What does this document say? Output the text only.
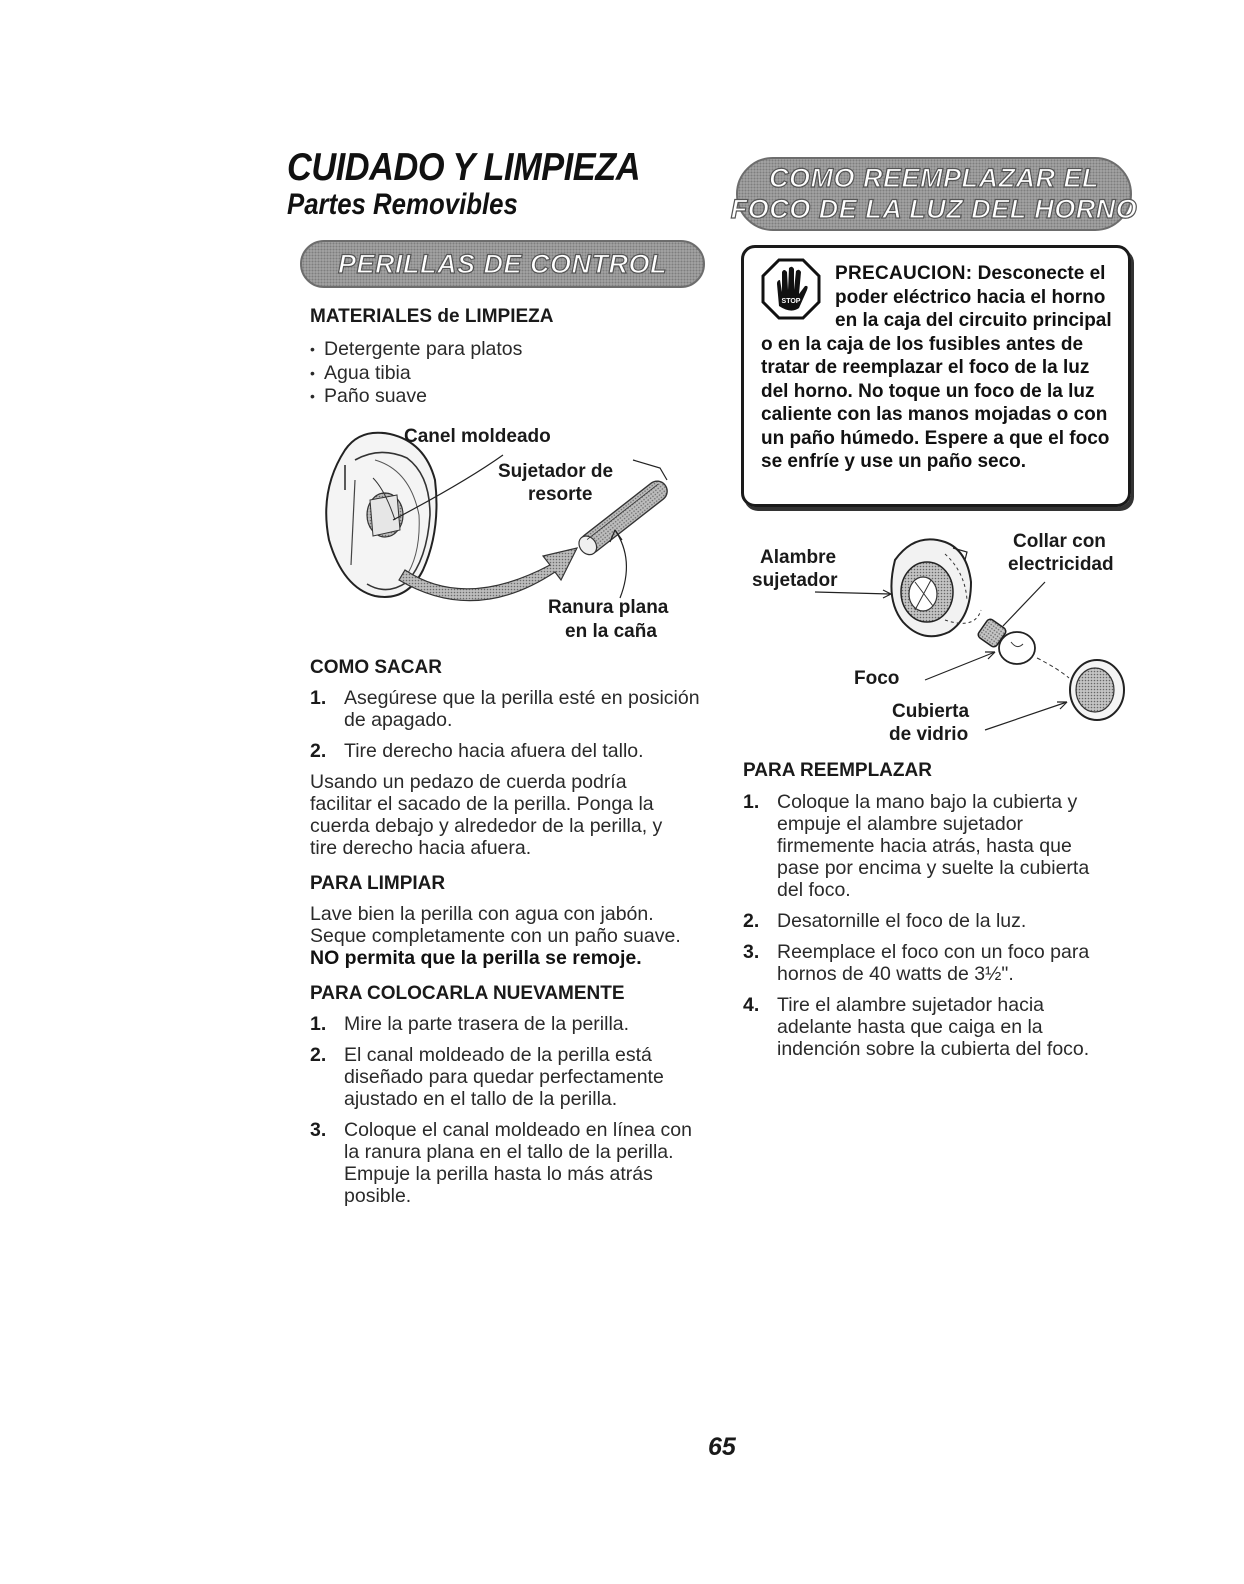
CUIDADO Y LIMPIEZA
Partes Removibles
PERILLAS DE CONTROL
COMO REEMPLAZAR EL
FOCO DE LA LUZ DEL HORNO
MATERIALES de LIMPIEZA
• Detergente para platos
• Agua tibia
• Paño suave
Canel moldeado
Sujetador de
resorte
Ranura plana
en la caña
COMO SACAR
1. Asegúrese que la perilla esté en posición de apagado.
2. Tire derecho hacia afuera del tallo.

Usando un pedazo de cuerda podría facilitar el sacado de la perilla. Ponga la cuerda debajo y alrededor de la perilla, y tire derecho hacia afuera.

PARA LIMPIAR

Lave bien la perilla con agua con jabón. Seque completamente con un paño suave.

NO permita que la perilla se remoje.

PARA COLOCARLA NUEVAMENTE
1. Mire la parte trasera de la perilla.
2. El canal moldeado de la perilla está diseñado para quedar perfectamente ajustado en el tallo de la perilla.
3. Coloque el canal moldeado en línea con la ranura plana en el tallo de la perilla. Empuje la perilla hasta lo más atrás posible.
STOP
PRECAUCION: Desconecte el poder eléctrico hacia el horno en la caja del circuito principal o en la caja de los fusibles antes de tratar de reemplazar el foco de la luz del horno. No toque un foco de la luz caliente con las manos mojadas o con un paño húmedo. Espere a que el foco se enfríe y use un paño seco.
Alambre
sujetador
Collar con
electricidad
Foco
Cubierta
de vidrio
PARA REEMPLAZAR
1. Coloque la mano bajo la cubierta y empuje el alambre sujetador firmemente hacia atrás, hasta que pase por encima y suelte la cubierta del foco.
2. Desatornille el foco de la luz.
3. Reemplace el foco con un foco para hornos de 40 watts de 3½".
4. Tire el alambre sujetador hacia adelante hasta que caiga en la indención sobre la cubierta del foco.
65
